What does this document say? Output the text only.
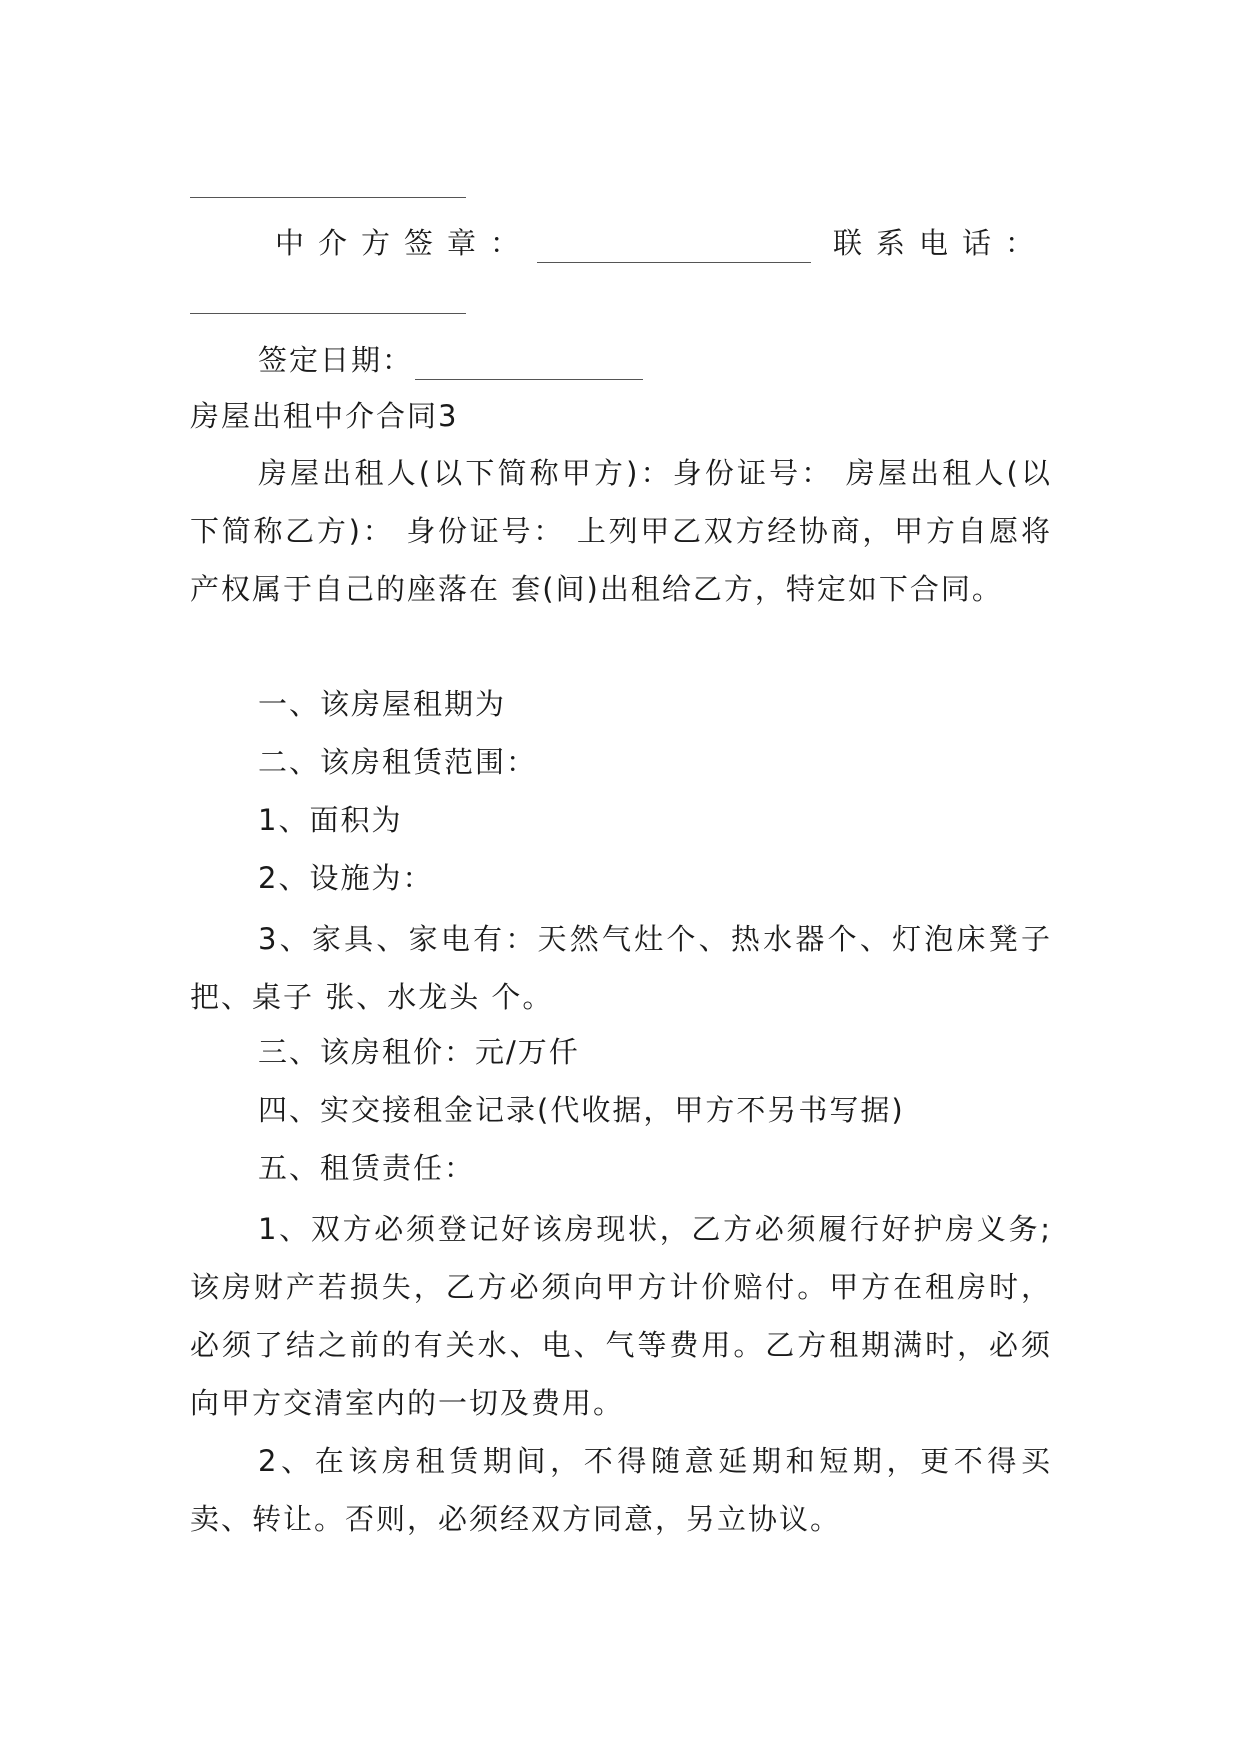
中介方签章：	联系电话：
签定日期：
房屋出租中介合同3
房屋出租人(以下简称甲方)：身份证号： 房屋出租人(以下简称乙方)： 身份证号： 上列甲乙双方经协商，甲方自愿将产权属于自己的座落在 套(间)出租给乙方，特定如下合同。
一、该房屋租期为
二、该房租赁范围：
1、面积为
2、设施为：
3、家具、家电有：天然气灶个、热水器个、灯泡床凳子把、桌子 张、水龙头 个。
三、该房租价：元/万仟
四、实交接租金记录(代收据，甲方不另书写据)
五、租赁责任：
1、双方必须登记好该房现状，乙方必须履行好护房义务;该房财产若损失，乙方必须向甲方计价赔付。甲方在租房时，必须了结之前的有关水、电、气等费用。乙方租期满时，必须向甲方交清室内的一切及费用。
2、在该房租赁期间，不得随意延期和短期，更不得买卖、转让。否则，必须经双方同意，另立协议。
